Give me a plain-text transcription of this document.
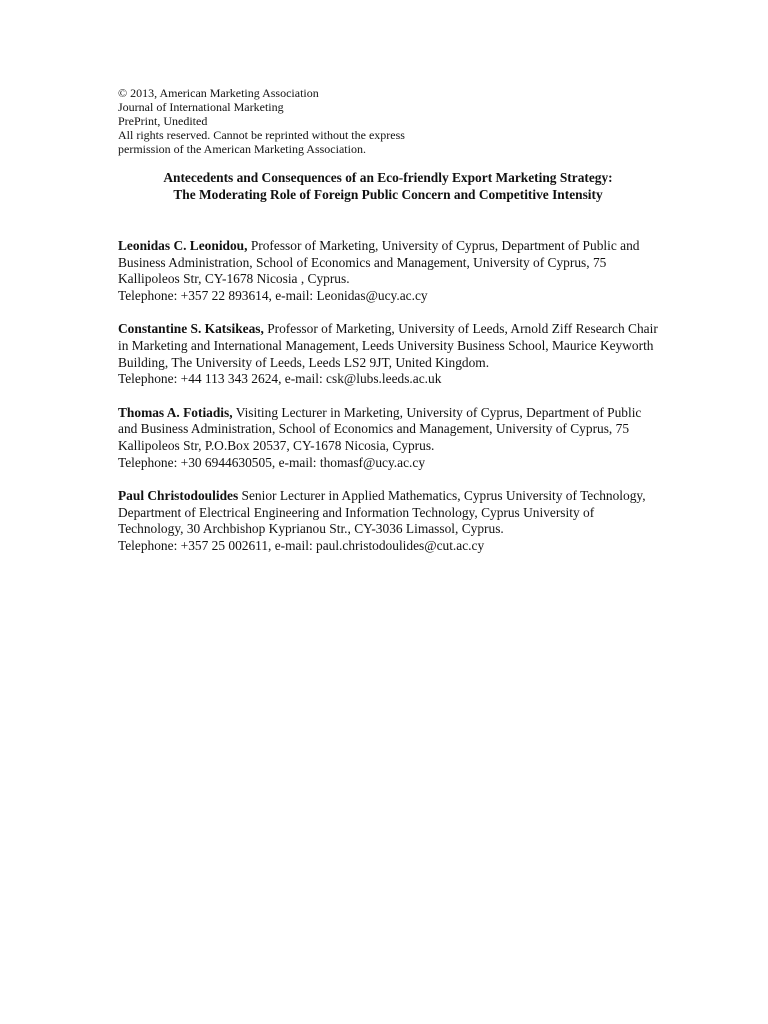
© 2013, American Marketing Association
Journal of International Marketing
PrePrint, Unedited
All rights reserved. Cannot be reprinted without the express
permission of the American Marketing Association.
Antecedents and Consequences of an Eco-friendly Export Marketing Strategy:
The Moderating Role of Foreign Public Concern and Competitive Intensity

Leonidas C. Leonidou, Professor of Marketing, University of Cyprus, Department of Public and Business Administration, School of Economics and Management, University of Cyprus, 75 Kallipoleos Str, CY-1678 Nicosia , Cyprus.
Telephone: +357 22 893614, e-mail: Leonidas@ucy.ac.cy

Constantine S. Katsikeas, Professor of Marketing, University of Leeds, Arnold Ziff Research Chair in Marketing and International Management, Leeds University Business School, Maurice Keyworth Building, The University of Leeds, Leeds LS2 9JT, United Kingdom.
Telephone: +44 113 343 2624, e-mail: csk@lubs.leeds.ac.uk

Thomas A. Fotiadis, Visiting Lecturer in Marketing, University of Cyprus, Department of Public and Business Administration, School of Economics and Management, University of Cyprus, 75 Kallipoleos Str, P.O.Box 20537, CY-1678 Nicosia, Cyprus.
Telephone: +30 6944630505, e-mail: thomasf@ucy.ac.cy

Paul Christodoulides Senior Lecturer in Applied Mathematics, Cyprus University of Technology, Department of Electrical Engineering and Information Technology, Cyprus University of Technology, 30 Archbishop Kyprianou Str., CY-3036 Limassol, Cyprus.
Telephone: +357 25 002611, e-mail: paul.christodoulides@cut.ac.cy
